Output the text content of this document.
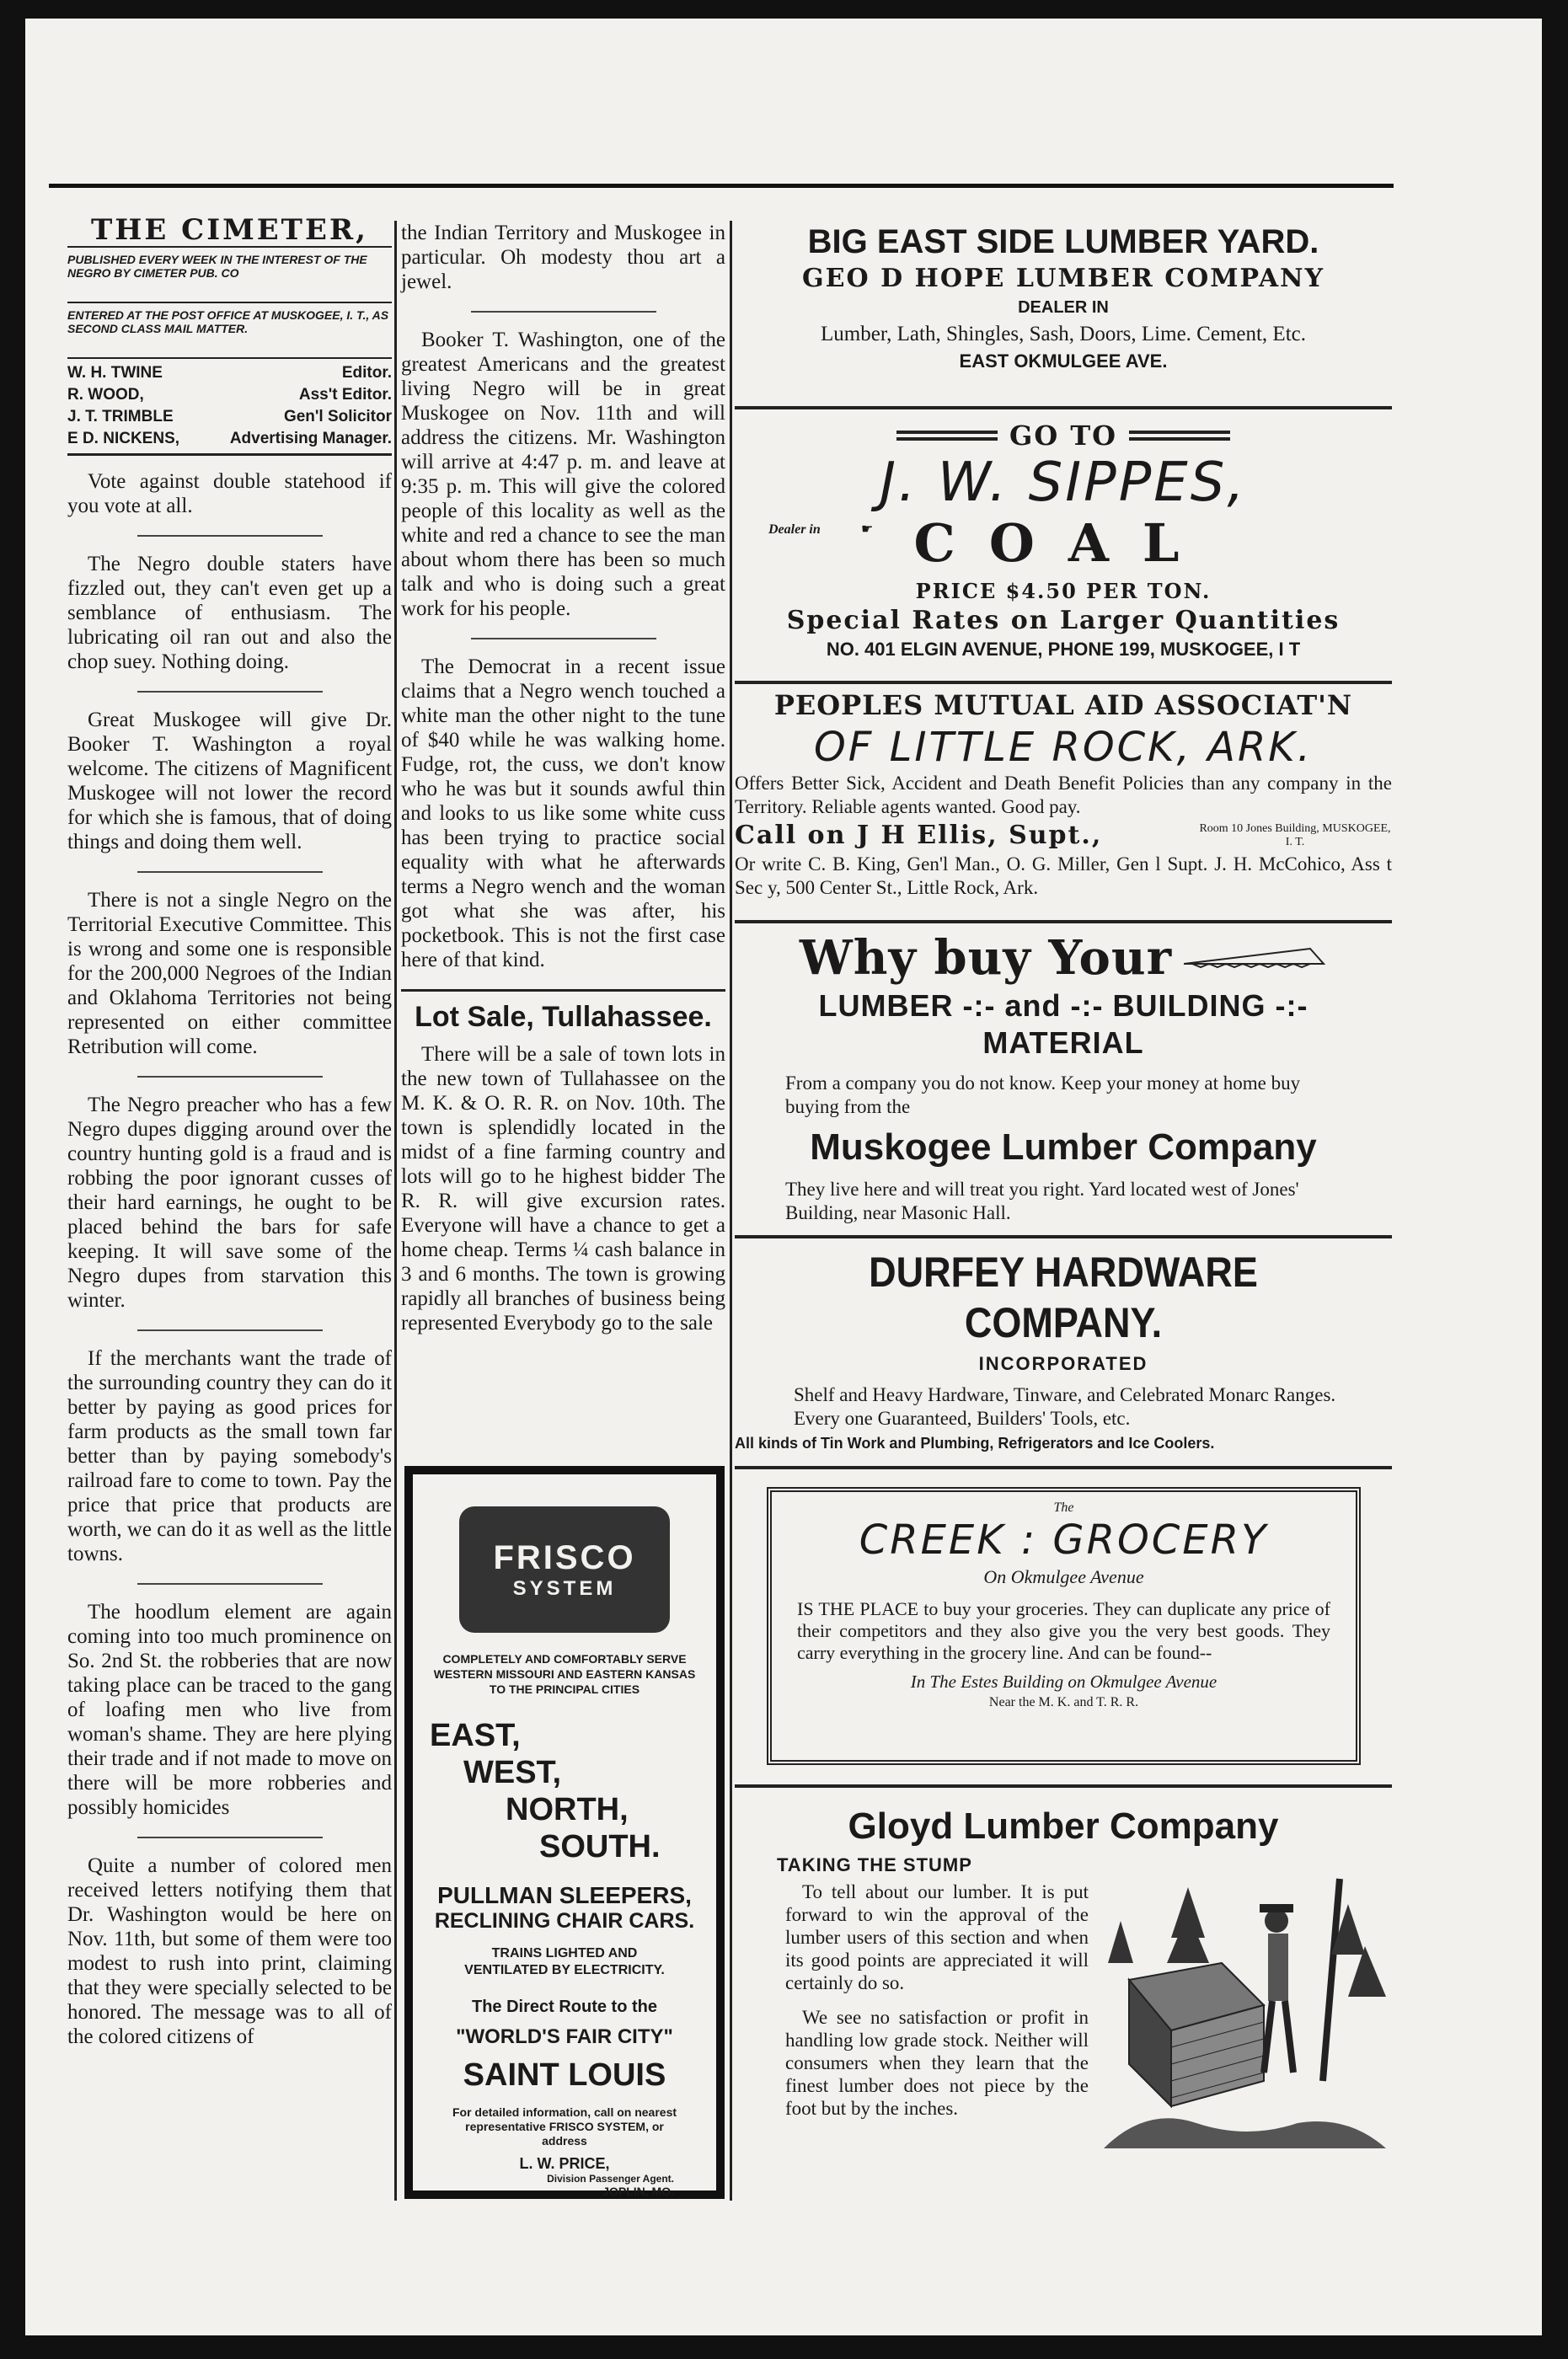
THE CIMETER,

PUBLISHED EVERY WEEK IN THE INTEREST OF THE NEGRO BY CIMETER PUB. CO

ENTERED AT THE POST OFFICE AT MUSKOGEE, I. T., AS SECOND CLASS MAIL MATTER.

W. H. TWINE	Editor.
R. WOOD,	Ass't Editor.
J. T. TRIMBLE	Gen'l Solicitor
E D. NICKENS,	Advertising Manager.

Vote against double statehood if you vote at all.

The Negro double staters have fizzled out, they can't even get up a semblance of enthusiasm. The lubricating oil ran out and also the chop suey. Nothing doing.

Great Muskogee will give Dr. Booker T. Washington a royal welcome. The citizens of Magnificent Muskogee will not lower the record for which she is famous, that of doing things and doing them well.

There is not a single Negro on the Territorial Executive Committee. This is wrong and some one is responsible for the 200,000 Negroes of the Indian and Oklahoma Territories not being represented on either committee Retribution will come.

The Negro preacher who has a few Negro dupes digging around over the country hunting gold is a fraud and is robbing the poor ignorant cusses of their hard earnings, he ought to be placed behind the bars for safe keeping. It will save some of the Negro dupes from starvation this winter.

If the merchants want the trade of the surrounding country they can do it better by paying as good prices for farm products as the small town far better than by paying somebody's railroad fare to come to town. Pay the price that price that products are worth, we can do it as well as the little towns.

The hoodlum element are again coming into too much prominence on So. 2nd St. the robberies that are now taking place can be traced to the gang of loafing men who live from woman's shame. They are here plying their trade and if not made to move on there will be more robberies and possibly homicides

Quite a number of colored men received letters notifying them that Dr. Washington would be here on Nov. 11th, but some of them were too modest to rush into print, claiming that they were specially selected to be honored. The message was to all of the colored citizens of

the Indian Territory and Muskogee in particular. Oh modesty thou art a jewel.

Booker T. Washington, one of the greatest Americans and the greatest living Negro will be in great Muskogee on Nov. 11th and will address the citizens. Mr. Washington will arrive at 4:47 p. m. and leave at 9:35 p. m. This will give the colored people of this locality as well as the white and red a chance to see the man about whom there has been so much talk and who is doing such a great work for his people.

The Democrat in a recent issue claims that a Negro wench touched a white man the other night to the tune of $40 while he was walking home. Fudge, rot, the cuss, we don't know who he was but it sounds awful thin and looks to us like some white cuss has been trying to practice social equality with what he afterwards terms a Negro wench and the woman got what she was after, his pocketbook. This is not the first case here of that kind.

Lot Sale, Tullahassee.

There will be a sale of town lots in the new town of Tullahassee on the M. K. & O. R. R. on Nov. 10th. The town is splendidly located in the midst of a fine farming country and lots will go to he highest bidder The R. R. will give excursion rates. Everyone will have a chance to get a home cheap. Terms ¼ cash balance in 3 and 6 months. The town is growing rapidly all branches of business being represented Everybody go to the sale

FRISCO
SYSTEM
COMPLETELY AND COMFORTABLY SERVE WESTERN MISSOURI AND EASTERN KANSAS TO THE PRINCIPAL CITIES
EAST,
WEST,
NORTH,
SOUTH.
PULLMAN SLEEPERS,
RECLINING CHAIR CARS.
TRAINS LIGHTED AND VENTILATED BY ELECTRICITY.
The Direct Route to the
"WORLD'S FAIR CITY"
SAINT LOUIS
For detailed information, call on nearest representative FRISCO SYSTEM, or address
L. W. PRICE,
Division Passenger Agent.
JOPLIN, MO.
BIG EAST SIDE LUMBER YARD.
GEO D HOPE LUMBER COMPANY
DEALER IN
Lumber, Lath, Shingles, Sash, Doors, Lime. Cement, Etc.
EAST OKMULGEE AVE.
GO TO
J. W. SIPPES,
Dealer in	☛ COAL
PRICE $4.50 PER TON.
Special Rates on Larger Quantities
NO. 401 ELGIN AVENUE, PHONE 199, MUSKOGEE, I T
PEOPLES MUTUAL AID ASSOCIAT'N
OF LITTLE ROCK, ARK.
Offers Better Sick, Accident and Death Benefit Policies than any company in the Territory. Reliable agents wanted. Good pay.
Call on J H Ellis, Supt.,	Room 10 Jones Building, MUSKOGEE, I. T.
Or write C. B. King, Gen'l Man., O. G. Miller, Gen l Supt. J. H. McCohico, Ass t Sec y, 500 Center St., Little Rock, Ark.
Why buy Your
LUMBER -:- and -:- BUILDING -:- MATERIAL
From a company you do not know. Keep your money at home buy buying from the
Muskogee Lumber Company
They live here and will treat you right. Yard located west of Jones' Building, near Masonic Hall.
DURFEY HARDWARE COMPANY.
INCORPORATED
Shelf and Heavy Hardware, Tinware, and Celebrated Monarc Ranges. Every one Guaranteed, Builders' Tools, etc.
All kinds of Tin Work and Plumbing, Refrigerators and Ice Coolers.
The
CREEK : GROCERY
On Okmulgee Avenue
IS THE PLACE to buy your groceries. They can duplicate any price of their competitors and they also give you the very best goods. They carry everything in the grocery line. And can be found--
In The Estes Building on Okmulgee Avenue
Near the M. K. and T. R. R.
Gloyd Lumber Company
TAKING THE STUMP
To tell about our lumber. It is put forward to win the approval of the lumber users of this section and when its good points are appreciated it will certainly do so.
We see no satisfaction or profit in handling low grade stock. Neither will consumers when they learn that the finest lumber does not piece by the foot but by the inches.
